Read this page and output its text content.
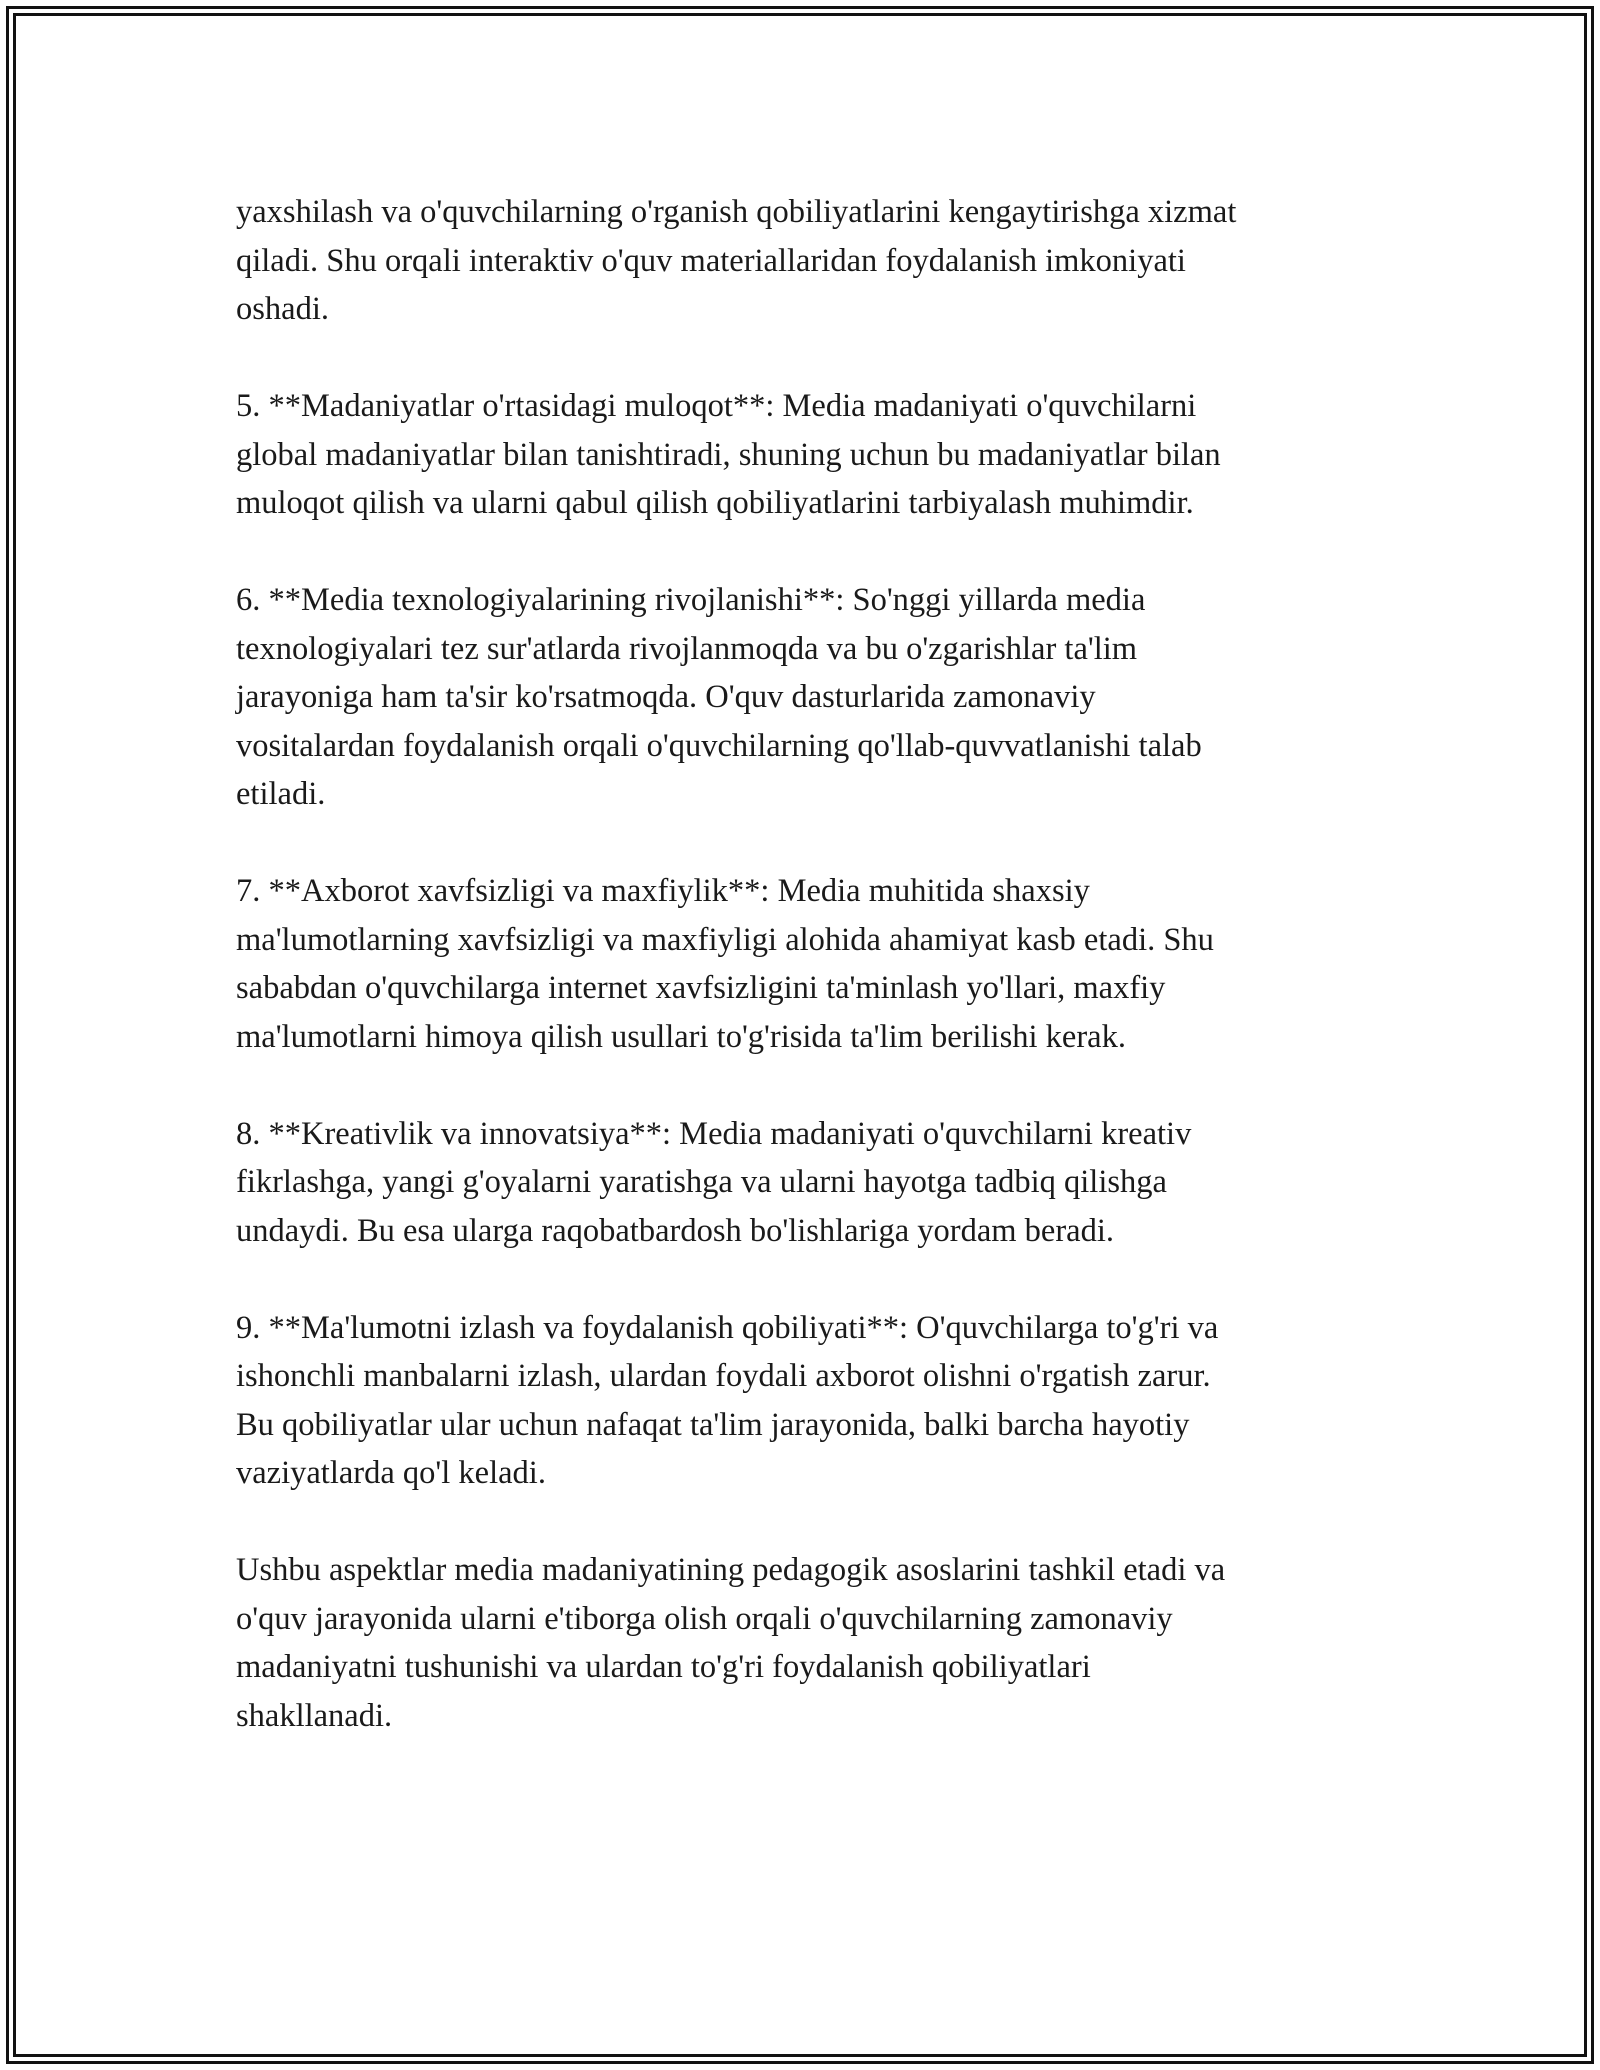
yaxshilash va o'quvchilarning o'rganish qobiliyatlarini kengaytirishga xizmat
qiladi. Shu orqali interaktiv o'quv materiallaridan foydalanish imkoniyati
oshadi.
5. **Madaniyatlar o'rtasidagi muloqot**: Media madaniyati o'quvchilarni
global madaniyatlar bilan tanishtiradi, shuning uchun bu madaniyatlar bilan
muloqot qilish va ularni qabul qilish qobiliyatlarini tarbiyalash muhimdir.
6. **Media texnologiyalarining rivojlanishi**: So'nggi yillarda media
texnologiyalari tez sur'atlarda rivojlanmoqda va bu o'zgarishlar ta'lim
jarayoniga ham ta'sir ko'rsatmoqda. O'quv dasturlarida zamonaviy
vositalardan foydalanish orqali o'quvchilarning qo'llab-quvvatlanishi talab
etiladi.
7. **Axborot xavfsizligi va maxfiylik**: Media muhitida shaxsiy
ma'lumotlarning xavfsizligi va maxfiyligi alohida ahamiyat kasb etadi. Shu
sababdan o'quvchilarga internet xavfsizligini ta'minlash yo'llari, maxfiy
ma'lumotlarni himoya qilish usullari to'g'risida ta'lim berilishi kerak.
8. **Kreativlik va innovatsiya**: Media madaniyati o'quvchilarni kreativ
fikrlashga, yangi g'oyalarni yaratishga va ularni hayotga tadbiq qilishga
undaydi. Bu esa ularga raqobatbardosh bo'lishlariga yordam beradi.
9. **Ma'lumotni izlash va foydalanish qobiliyati**: O'quvchilarga to'g'ri va
ishonchli manbalarni izlash, ulardan foydali axborot olishni o'rgatish zarur.
Bu qobiliyatlar ular uchun nafaqat ta'lim jarayonida, balki barcha hayotiy
vaziyatlarda qo'l keladi.
Ushbu aspektlar media madaniyatining pedagogik asoslarini tashkil etadi va
o'quv jarayonida ularni e'tiborga olish orqali o'quvchilarning zamonaviy
madaniyatni tushunishi va ulardan to'g'ri foydalanish qobiliyatlari
shakllanadi.
